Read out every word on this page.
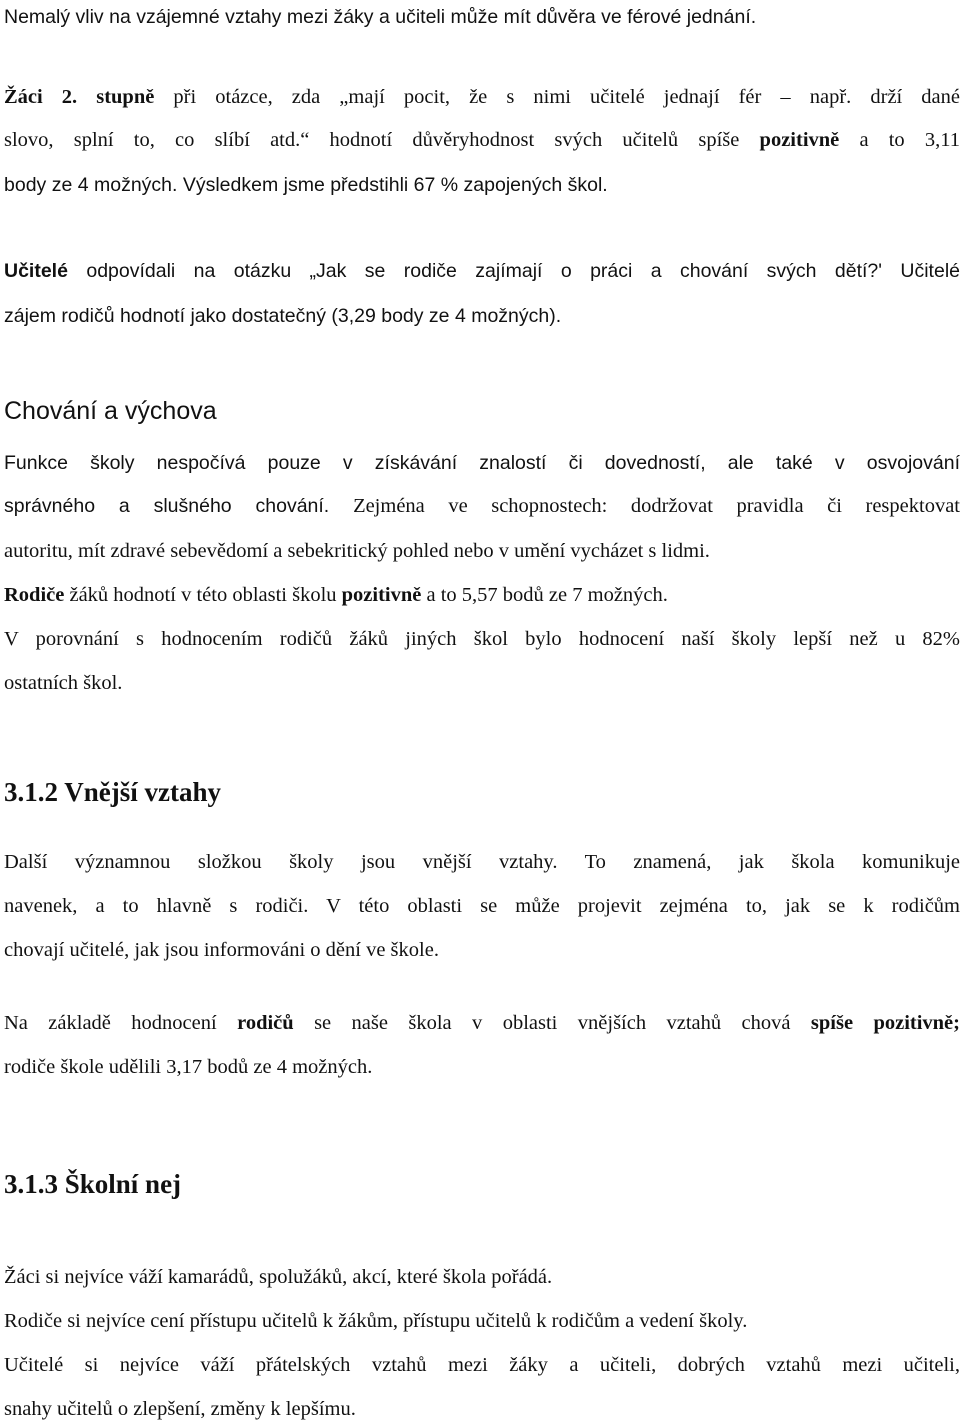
Nemalý vliv na vzájemné vztahy mezi žáky a učiteli může mít důvěra ve férové jednání.
Žáci 2. stupně při otázce, zda „mají pocit, že s nimi učitelé jednají fér – např. drží dané
slovo, splní to, co slíbí atd.“ hodnotí důvěryhodnost svých učitelů spíše pozitivně a to 3,11
body ze 4 možných. Výsledkem jsme předstihli 67 % zapojených škol.
Učitelé odpovídali na otázku „Jak se rodiče zajímají o práci a chování svých dětí?' Učitelé
zájem rodičů hodnotí jako dostatečný (3,29 body ze 4 možných).
Chování a výchova
Funkce školy nespočívá pouze v získávání znalostí či dovedností, ale také v osvojování
správného a slušného chování. Zejména ve schopnostech: dodržovat pravidla či respektovat
autoritu, mít zdravé sebevědomí a sebekritický pohled nebo v umění vycházet s lidmi.
Rodiče žáků hodnotí v této oblasti školu pozitivně a to 5,57 bodů ze 7 možných.
V porovnání s hodnocením rodičů žáků jiných škol bylo hodnocení naší školy lepší než u 82%
ostatních škol.
3.1.2 Vnější vztahy
Další významnou složkou školy jsou vnější vztahy. To znamená, jak škola komunikuje
navenek, a to hlavně s rodiči. V této oblasti se může projevit zejména to, jak se k rodičům
chovají učitelé, jak jsou informováni o dění ve škole.
Na základě hodnocení rodičů se naše škola v oblasti vnějších vztahů chová spíše pozitivně;
rodiče škole udělili 3,17 bodů ze 4 možných.
3.1.3 Školní nej
Žáci si nejvíce váží kamarádů, spolužáků, akcí, které škola pořádá.
Rodiče si nejvíce cení přístupu učitelů k žákům, přístupu učitelů k rodičům a vedení školy.
Učitelé si nejvíce váží přátelských vztahů mezi žáky a učiteli, dobrých vztahů mezi učiteli,
snahy učitelů o zlepšení, změny k lepšímu.
